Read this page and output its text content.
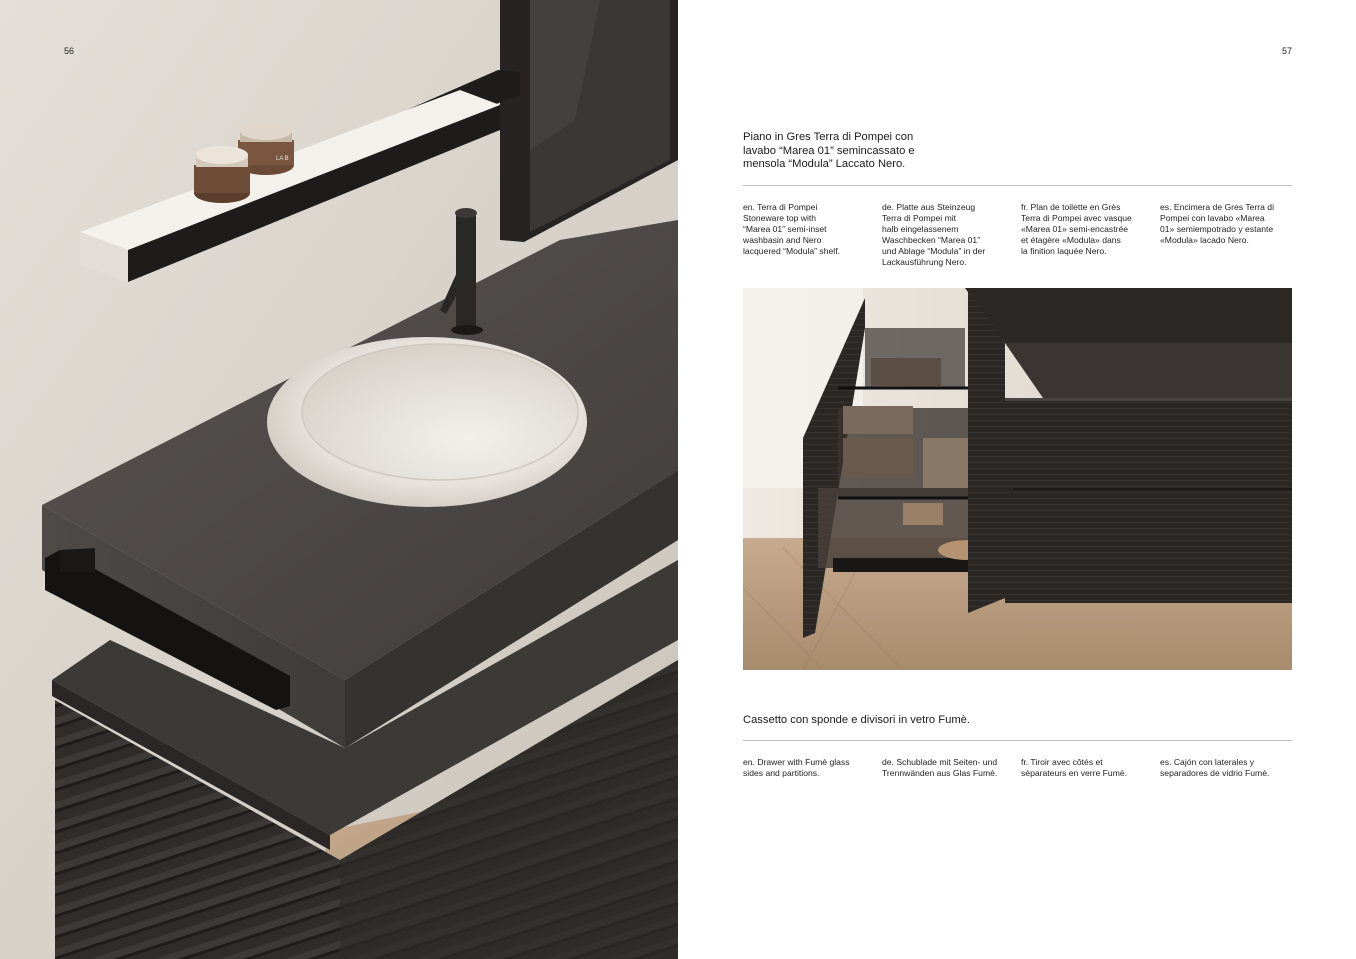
LA B
57
Piano in Gres Terra di Pompei con
lavabo “Marea 01” semincassato e
mensola “Modula” Laccato Nero.
en. Terra di Pompei
Stoneware top with
“Marea 01” semi-inset
washbasin and Nero
lacquered “Modula” shelf.
de. Platte aus Steinzeug
Terra di Pompei mit
halb eingelassenem
Waschbecken “Marea 01”
und Ablage “Modula” in der
Lackausführung Nero.
fr. Plan de toilette en Grès
Terra di Pompei avec vasque
«Marea 01» semi-encastrée
et étagère «Modula» dans
la finition laquée Nero.
es. Encimera de Gres Terra di
Pompei con lavabo «Marea
01» semiempotrado y estante
«Modula» lacado Nero.
Cassetto con sponde e divisori in vetro Fumè.
en. Drawer with Fumè glass
sides and partitions.
de. Schublade mit Seiten- und
Trennwänden aus Glas Fumè.
fr. Tiroir avec côtés et
séparateurs en verre Fumè.
es. Cajón con laterales y
separadores de vidrio Fumè.
56
